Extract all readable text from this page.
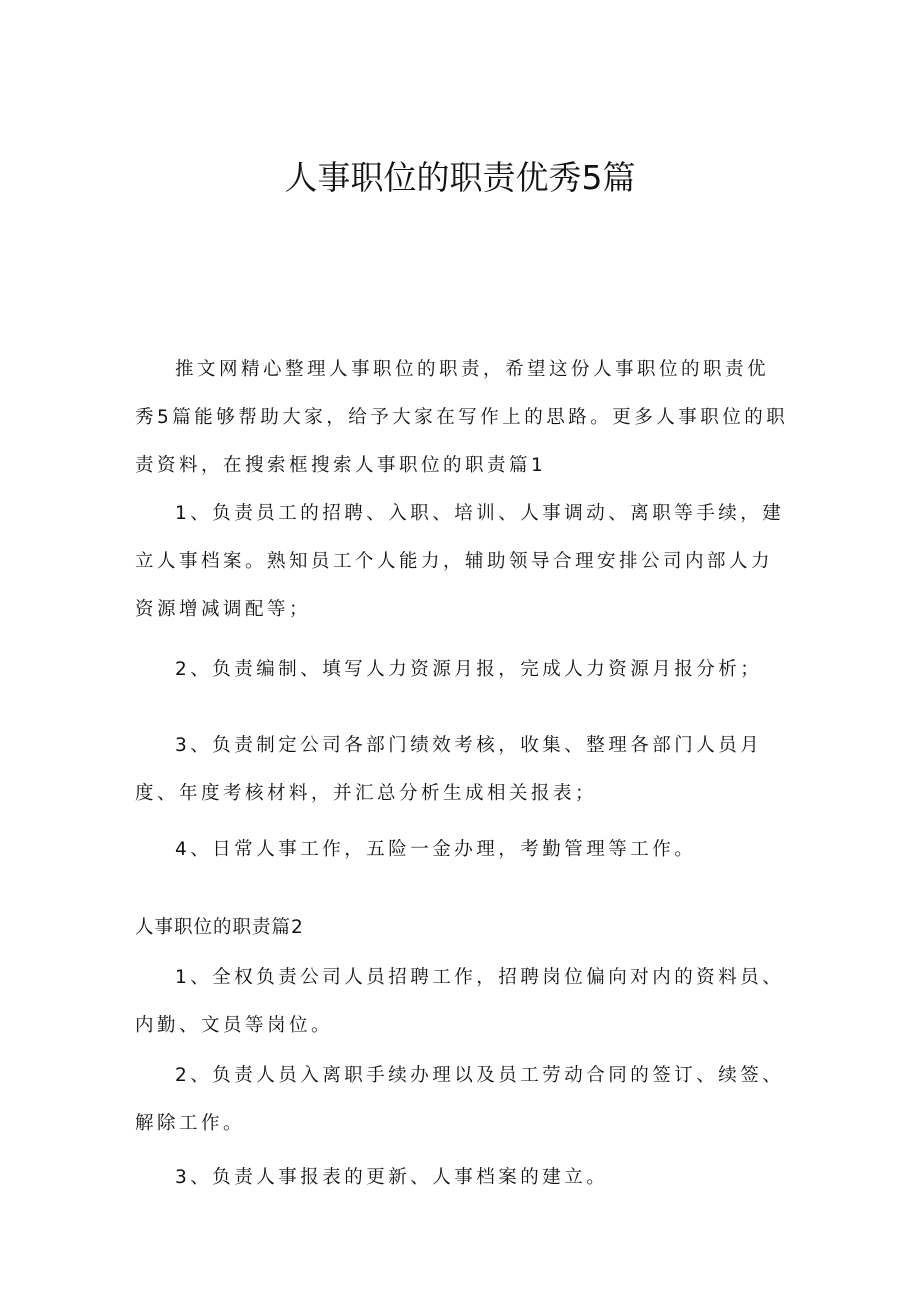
人事职位的职责优秀5篇
推文网精心整理人事职位的职责，希望这份人事职位的职责优秀5篇能够帮助大家，给予大家在写作上的思路。更多人事职位的职责资料，在搜索框搜索人事职位的职责篇1
1、负责员工的招聘、入职、培训、人事调动、离职等手续，建立人事档案。熟知员工个人能力，辅助领导合理安排公司内部人力资源增减调配等；
2、负责编制、填写人力资源月报，完成人力资源月报分析；
3、负责制定公司各部门绩效考核，收集、整理各部门人员月度、年度考核材料，并汇总分析生成相关报表；
4、日常人事工作，五险一金办理，考勤管理等工作。
人事职位的职责篇2
1、全权负责公司人员招聘工作，招聘岗位偏向对内的资料员、内勤、文员等岗位。
2、负责人员入离职手续办理以及员工劳动合同的签订、续签、解除工作。
3、负责人事报表的更新、人事档案的建立。
